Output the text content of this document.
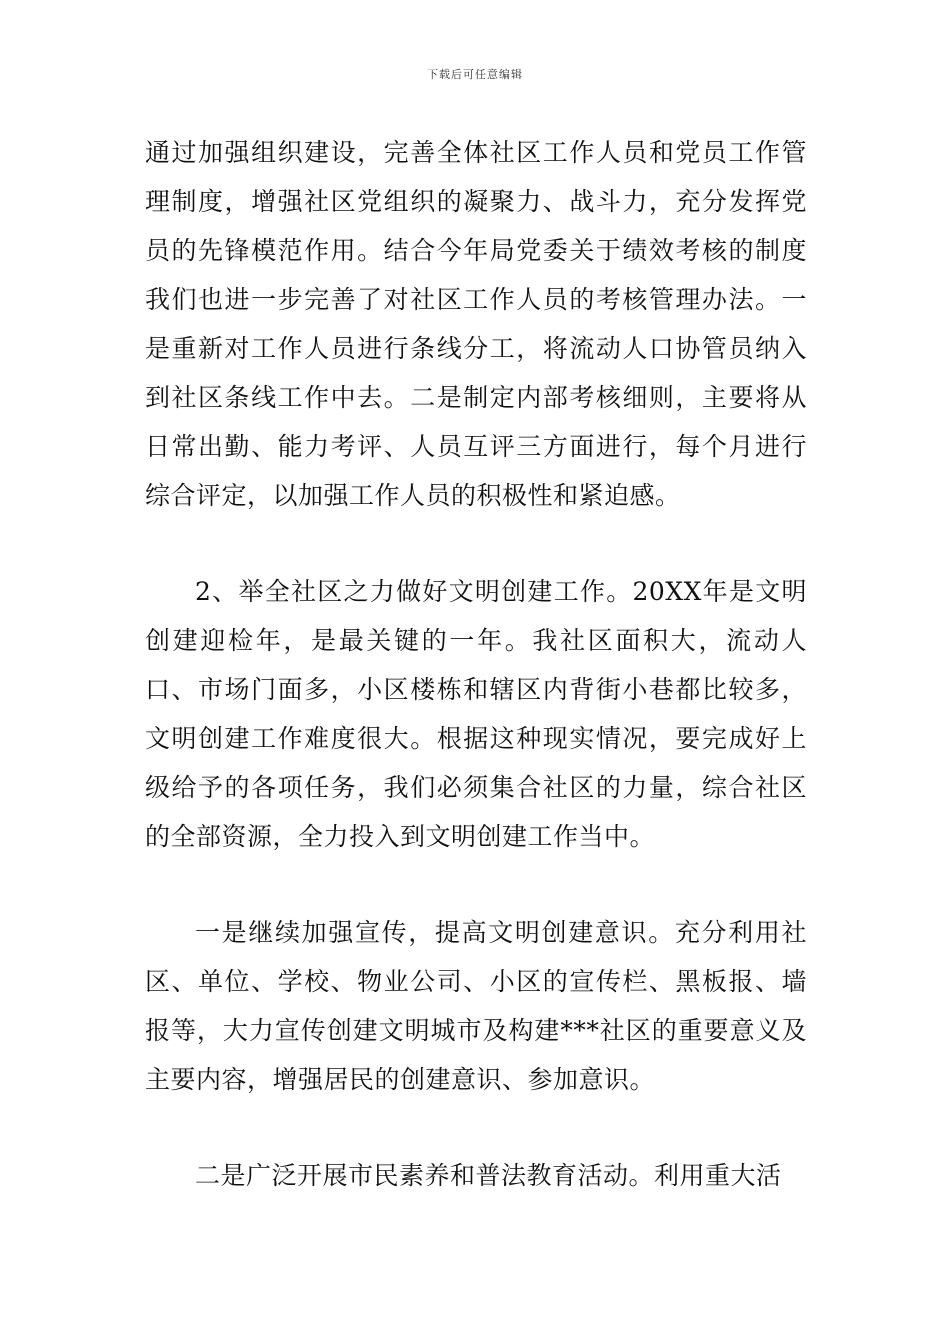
下载后可任意编辑

通过加强组织建设，完善全体社区工作人员和党员工作管理制度，增强社区党组织的凝聚力、战斗力，充分发挥党员的先锋模范作用。结合今年局党委关于绩效考核的制度我们也进一步完善了对社区工作人员的考核管理办法。一是重新对工作人员进行条线分工，将流动人口协管员纳入到社区条线工作中去。二是制定内部考核细则，主要将从日常出勤、能力考评、人员互评三方面进行，每个月进行综合评定，以加强工作人员的积极性和紧迫感。

2、举全社区之力做好文明创建工作。20XX年是文明创建迎检年，是最关键的一年。我社区面积大，流动人口、市场门面多，小区楼栋和辖区内背街小巷都比较多，文明创建工作难度很大。根据这种现实情况，要完成好上级给予的各项任务，我们必须集合社区的力量，综合社区的全部资源，全力投入到文明创建工作当中。

一是继续加强宣传，提高文明创建意识。充分利用社区、单位、学校、物业公司、小区的宣传栏、黑板报、墙报等，大力宣传创建文明城市及构建***社区的重要意义及主要内容，增强居民的创建意识、参加意识。

二是广泛开展市民素养和普法教育活动。利用重大活
